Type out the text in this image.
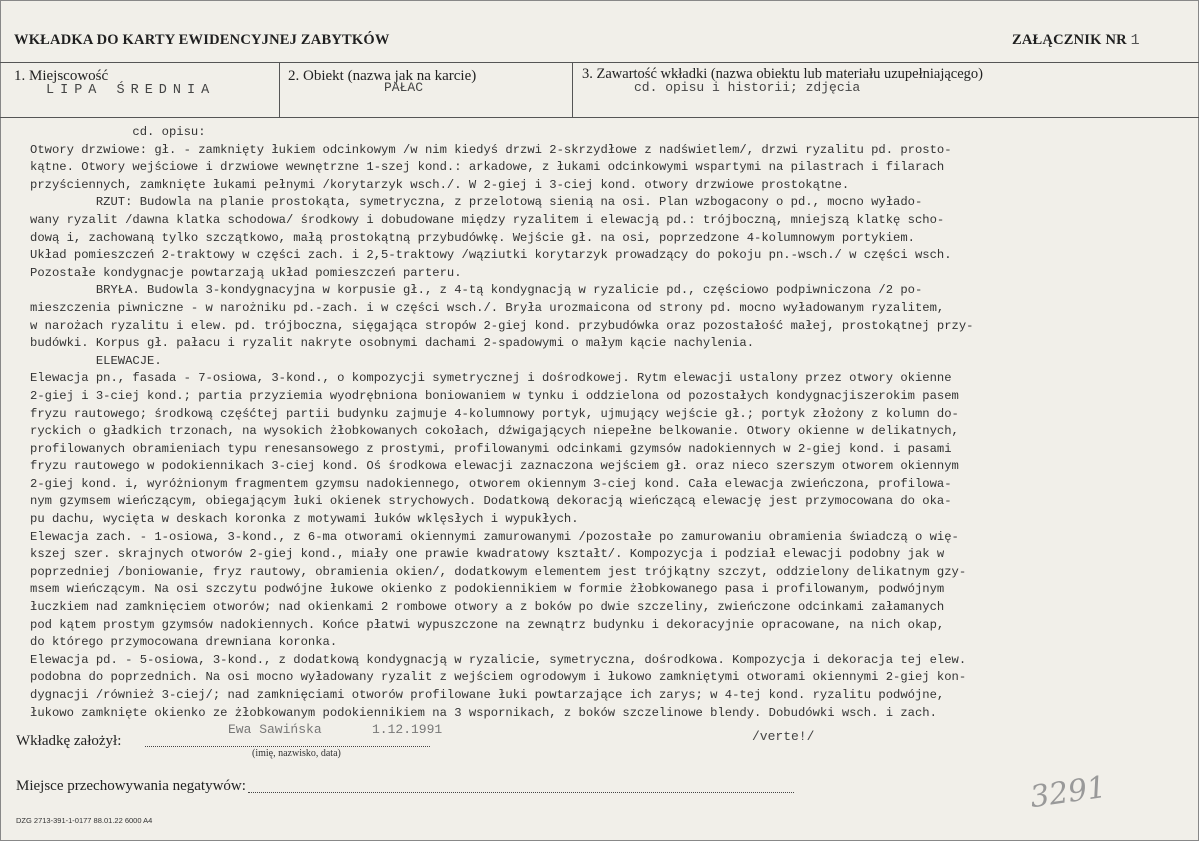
WKŁADKA DO KARTY EWIDENCYJNEJ ZABYTKÓW	ZAŁĄCZNIK NR 1
1. Miejscowość
LIPA ŚREDNIA
2. Obiekt (nazwa jak na karcie)
PAŁAC
3. Zawartość wkładki (nazwa obiektu lub materiału uzupełniającego)
cd. opisu i historii; zdjęcia
cd. opisu:
Otwory drzwiowe: gł. - zamknięty łukiem odcinkowym /w nim kiedyś drzwi 2-skrzydłowe z nadświetlem/, drzwi ryzalitu pd. prosto-
kątne. Otwory wejściowe i drzwiowe wewnętrzne 1-szej kond.: arkadowe, z łukami odcinkowymi wspartymi na pilastrach i filarach
przyściennych, zamknięte łukami pełnymi /korytarzyk wsch./. W 2-giej i 3-ciej kond. otwory drzwiowe prostokątne.
RZUT: Budowla na planie prostokąta, symetryczna, z przelotową sienią na osi. Plan wzbogacony o pd., mocno wyłado-
wany ryzalit /dawna klatka schodowa/ środkowy i dobudowane między ryzalitem i elewacją pd.: trójboczną, mniejszą klatkę scho-
dową i, zachowaną tylko szczątkowo, małą prostokątną przybudówkę. Wejście gł. na osi, poprzedzone 4-kolumnowym portykiem.
Układ pomieszczeń 2-traktowy w części zach. i 2,5-traktowy /wąziutki korytarzyk prowadzący do pokoju pn.-wsch./ w części wsch.
Pozostałe kondygnacje powtarzają układ pomieszczeń parteru.
BRYŁA. Budowla 3-kondygnacyjna w korpusie gł., z 4-tą kondygnacją w ryzalicie pd., częściowo podpiwniczona /2 po-
mieszczenia piwniczne - w narożniku pd.-zach. i w części wsch./. Bryła urozmaicona od strony pd. mocno wyładowanym ryzalitem,
w narożach ryzalitu i elew. pd. trójboczna, sięgająca stropów 2-giej kond. przybudówka oraz pozostałość małej, prostokątnej przy-
budówki. Korpus gł. pałacu i ryzalit nakryte osobnymi dachami 2-spadowymi o małym kącie nachylenia.
ELEWACJE.
Elewacja pn., fasada - 7-osiowa, 3-kond., o kompozycji symetrycznej i dośrodkowej. Rytm elewacji ustalony przez otwory okienne
2-giej i 3-ciej kond.; partia przyziemia wyodrębniona boniowaniem w tynku i oddzielona od pozostałych kondygnacjiszerokim pasem
fryzu rautowego; środkową częśćtej partii budynku zajmuje 4-kolumnowy portyk, ujmujący wejście gł.; portyk złożony z kolumn do-
ryckich o gładkich trzonach, na wysokich żłobkowanych cokołach, dźwigających niepełne belkowanie. Otwory okienne w delikatnych,
profilowanych obramieniach typu renesansowego z prostymi, profilowanymi odcinkami gzymsów nadokiennych w 2-giej kond. i pasami
fryzu rautowego w podokiennikach 3-ciej kond. Oś środkowa elewacji zaznaczona wejściem gł. oraz nieco szerszym otworem okiennym
2-giej kond. i, wyróżnionym fragmentem gzymsu nadokiennego, otworem okiennym 3-ciej kond. Cała elewacja zwieńczona, profilowa-
nym gzymsem wieńczącym, obiegającym łuki okienek strychowych. Dodatkową dekoracją wieńczącą elewację jest przymocowana do oka-
pu dachu, wycięta w deskach koronka z motywami łuków wklęsłych i wypukłych.
Elewacja zach. - 1-osiowa, 3-kond., z 6-ma otworami okiennymi zamurowanymi /pozostałe po zamurowaniu obramienia świadczą o wię-
kszej szer. skrajnych otworów 2-giej kond., miały one prawie kwadratowy kształt/. Kompozycja i podział elewacji podobny jak w
poprzedniej /boniowanie, fryz rautowy, obramienia okien/, dodatkowym elementem jest trójkątny szczyt, oddzielony delikatnym gzy-
msem wieńczącym. Na osi szczytu podwójne łukowe okienko z podokiennikiem w formie żłobkowanego pasa i profilowanym, podwójnym
łuczkiem nad zamknięciem otworów; nad okienkami 2 rombowe otwory a z boków po dwie szczeliny, zwieńczone odcinkami załamanych
pod kątem prostym gzymsów nadokiennych. Końce płatwi wypuszczone na zewnątrz budynku i dekoracyjnie opracowane, na nich okap,
do którego przymocowana drewniana koronka.
Elewacja pd. - 5-osiowa, 3-kond., z dodatkową kondygnacją w ryzalicie, symetryczna, dośrodkowa. Kompozycja i dekoracja tej elew.
podobna do poprzednich. Na osi mocno wyładowany ryzalit z wejściem ogrodowym i łukowo zamkniętymi otworami okiennymi 2-giej kon-
dygnacji /również 3-ciej/; nad zamknięciami otworów profilowane łuki powtarzające ich zarys; w 4-tej kond. ryzalitu podwójne,
łukowo zamknięte okienko ze żłobkowanym podokiennikiem na 3 wspornikach, z boków szczelinowe blendy. Dobudówki wsch. i zach.
Wkładkę założył:
Ewa Sawińska	1.12.1991
(imię, nazwisko, data)
/verte!/
Miejsce przechowywania negatywów:
DZG 2713-391-1-0177 88.01.22 6000 A4
3291
